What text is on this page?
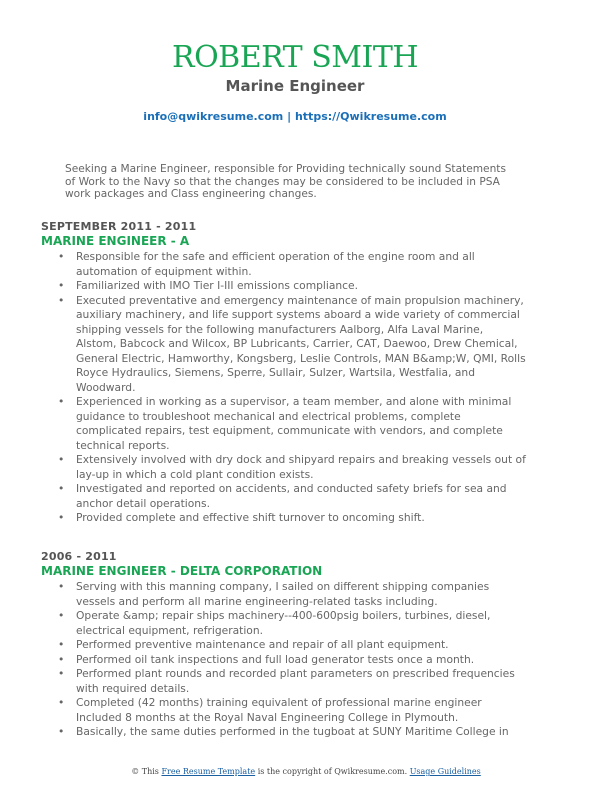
ROBERT SMITH
Marine Engineer
info@qwikresume.com | https://Qwikresume.com
Seeking a Marine Engineer, responsible for Providing technically sound Statements of Work to the Navy so that the changes may be considered to be included in PSA work packages and Class engineering changes.
SEPTEMBER 2011 - 2011
MARINE ENGINEER - A
• Responsible for the safe and efficient operation of the engine room and all automation of equipment within.
• Familiarized with IMO Tier I-III emissions compliance.
• Executed preventative and emergency maintenance of main propulsion machinery, auxiliary machinery, and life support systems aboard a wide variety of commercial shipping vessels for the following manufacturers Aalborg, Alfa Laval Marine, Alstom, Babcock and Wilcox, BP Lubricants, Carrier, CAT, Daewoo, Drew Chemical, General Electric, Hamworthy, Kongsberg, Leslie Controls, MAN B&amp;W, QMI, Rolls Royce Hydraulics, Siemens, Sperre, Sullair, Sulzer, Wartsila, Westfalia, and Woodward.
• Experienced in working as a supervisor, a team member, and alone with minimal guidance to troubleshoot mechanical and electrical problems, complete complicated repairs, test equipment, communicate with vendors, and complete technical reports.
• Extensively involved with dry dock and shipyard repairs and breaking vessels out of lay-up in which a cold plant condition exists.
• Investigated and reported on accidents, and conducted safety briefs for sea and anchor detail operations.
• Provided complete and effective shift turnover to oncoming shift.
2006 - 2011
MARINE ENGINEER - DELTA CORPORATION
• Serving with this manning company, I sailed on different shipping companies vessels and perform all marine engineering-related tasks including.
• Operate &amp; repair ships machinery--400-600psig boilers, turbines, diesel, electrical equipment, refrigeration.
• Performed preventive maintenance and repair of all plant equipment.
• Performed oil tank inspections and full load generator tests once a month.
• Performed plant rounds and recorded plant parameters on prescribed frequencies with required details.
• Completed (42 months) training equivalent of professional marine engineer Included 8 months at the Royal Naval Engineering College in Plymouth.
• Basically, the same duties performed in the tugboat at SUNY Maritime College in
© This Free Resume Template is the copyright of Qwikresume.com. Usage Guidelines
